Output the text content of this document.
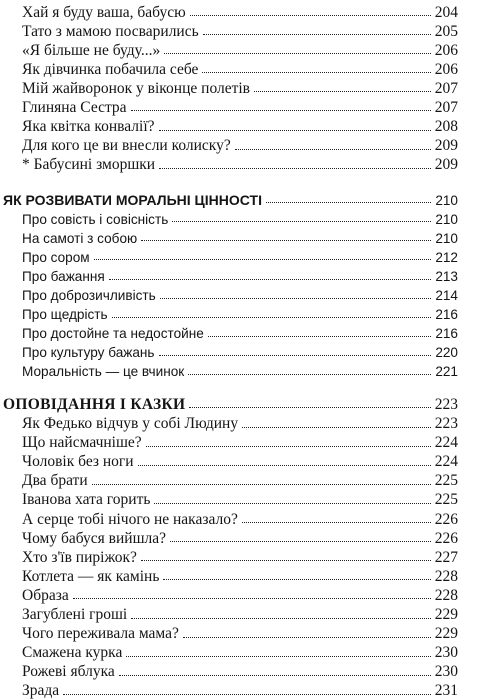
Хай я буду ваша, бабусю	204
Тато з мамою посварились	205
«Я більше не буду...»	206
Як дівчинка побачила себе	206
Мій жайворонок у віконце полетів	207
Глиняна Сестра	207
Яка квітка конвалії?	208
Для кого це ви внесли колиску?	209
* Бабусині зморшки	209
ЯК РОЗВИВАТИ МОРАЛЬНІ ЦІННОСТІ	210
Про совість і совісність	210
На самоті з собою	210
Про сором	212
Про бажання	213
Про доброзичливість	214
Про щедрість	216
Про достойне та недостойне	216
Про культуру бажань	220
Моральність — це вчинок	221
ОПОВІДАННЯ І КАЗКИ	223
Як Федько відчув у собі Людину	223
Що найсмачніше?	224
Чоловік без ноги	224
Два брати	225
Іванова хата горить	225
А серце тобі нічого не наказало?	226
Чому бабуся вийшла?	226
Хто з'їв пиріжок?	227
Котлета — як камінь	228
Образа	228
Загублені гроші	229
Чого переживала мама?	229
Смажена курка	230
Рожеві яблука	230
Зрада	231
